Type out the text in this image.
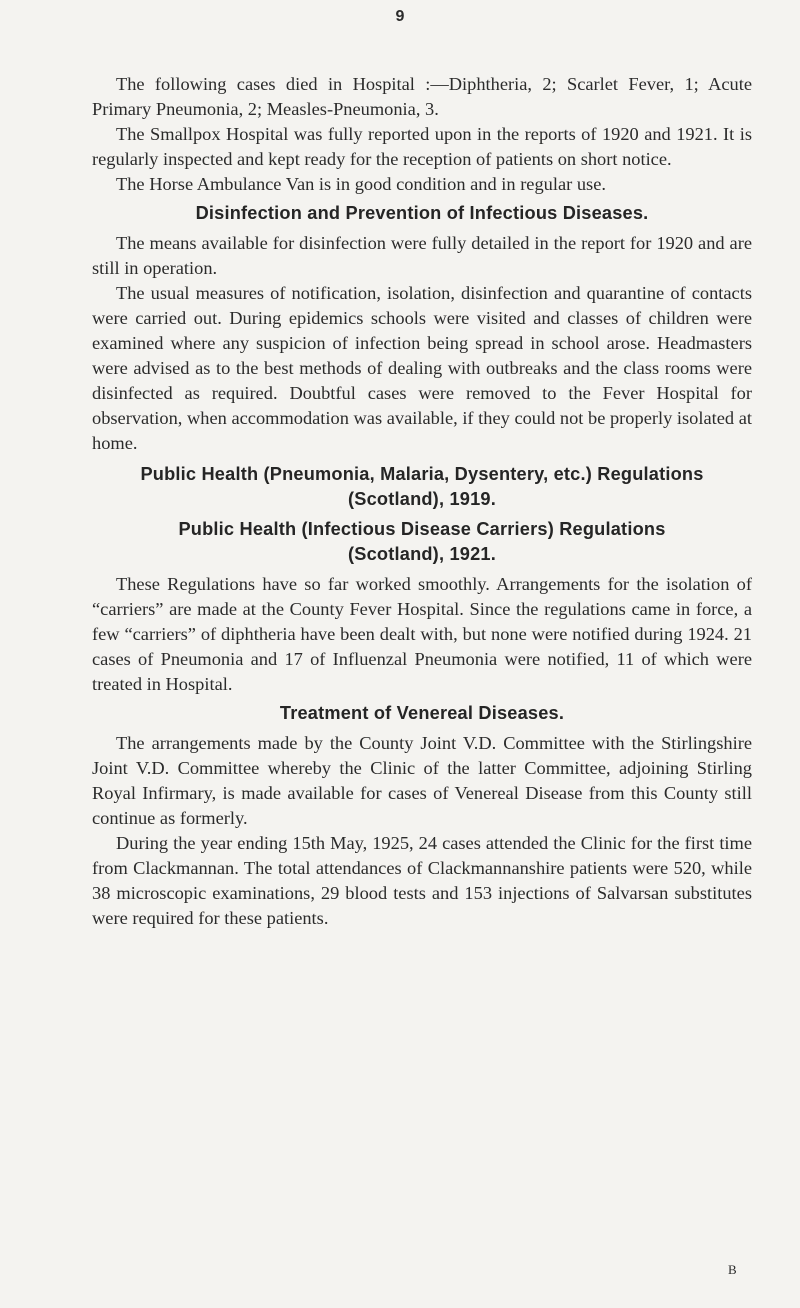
9

The following cases died in Hospital :—Diphtheria, 2; Scarlet Fever, 1; Acute Primary Pneumonia, 2; Measles-Pneumonia, 3.

The Smallpox Hospital was fully reported upon in the reports of 1920 and 1921. It is regularly inspected and kept ready for the reception of patients on short notice.

The Horse Ambulance Van is in good condition and in regular use.

Disinfection and Prevention of Infectious Diseases.

The means available for disinfection were fully detailed in the report for 1920 and are still in operation.

The usual measures of notification, isolation, disinfection and quarantine of contacts were carried out. During epidemics schools were visited and classes of children were examined where any suspicion of infection being spread in school arose. Headmasters were advised as to the best methods of dealing with outbreaks and the class rooms were disinfected as required. Doubtful cases were removed to the Fever Hospital for observation, when accommodation was available, if they could not be properly isolated at home.

Public Health (Pneumonia, Malaria, Dysentery, etc.) Regulations
(Scotland), 1919.
Public Health (Infectious Disease Carriers) Regulations
(Scotland), 1921.

These Regulations have so far worked smoothly. Arrangements for the isolation of “carriers” are made at the County Fever Hospital. Since the regulations came in force, a few “carriers” of diphtheria have been dealt with, but none were notified during 1924. 21 cases of Pneumonia and 17 of Influenzal Pneumonia were notified, 11 of which were treated in Hospital.

Treatment of Venereal Diseases.

The arrangements made by the County Joint V.D. Committee with the Stirlingshire Joint V.D. Committee whereby the Clinic of the latter Committee, adjoining Stirling Royal Infirmary, is made available for cases of Venereal Disease from this County still continue as formerly.

During the year ending 15th May, 1925, 24 cases attended the Clinic for the first time from Clackmannan. The total attendances of Clackmannanshire patients were 520, while 38 microscopic examinations, 29 blood tests and 153 injections of Salvarsan substitutes were required for these patients.

B
